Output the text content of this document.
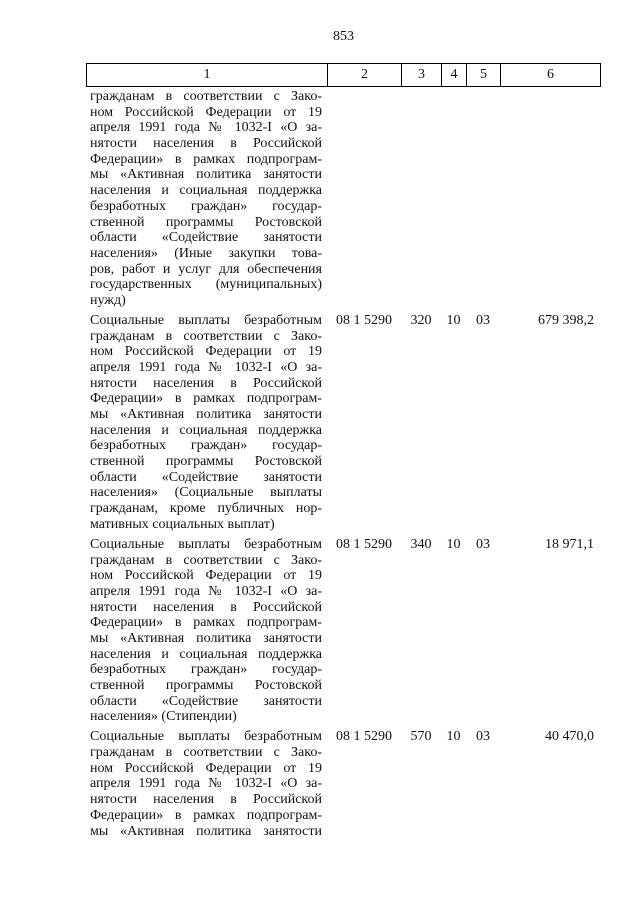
853
1	2	3	4	5	6
гражданам в соответствии с Зако-
ном Российской Федерации от 19
апреля 1991 года № 1032-I «О за-
нятости населения в Российской
Федерации» в рамках подпрограм-
мы «Активная политика занятости
населения и социальная поддержка
безработных граждан» государ-
ственной программы Ростовской
области «Содействие занятости
населения» (Иные закупки това-
ров, работ и услуг для обеспечения
государственных (муниципальных)
нужд)
Социальные выплаты безработным
гражданам в соответствии с Зако-
ном Российской Федерации от 19
апреля 1991 года № 1032-I «О за-
нятости населения в Российской
Федерации» в рамках подпрограм-
мы «Активная политика занятости
населения и социальная поддержка
безработных граждан» государ-
ственной программы Ростовской
области «Содействие занятости
населения» (Социальные выплаты
гражданам, кроме публичных нор-
мативных социальных выплат)
08 1 5290	320	10	03	679 398,2
Социальные выплаты безработным
гражданам в соответствии с Зако-
ном Российской Федерации от 19
апреля 1991 года № 1032-I «О за-
нятости населения в Российской
Федерации» в рамках подпрограм-
мы «Активная политика занятости
населения и социальная поддержка
безработных граждан» государ-
ственной программы Ростовской
области «Содействие занятости
населения» (Стипендии)
08 1 5290	340	10	03	18 971,1
Социальные выплаты безработным
гражданам в соответствии с Зако-
ном Российской Федерации от 19
апреля 1991 года № 1032-I «О за-
нятости населения в Российской
Федерации» в рамках подпрограм-
мы «Активная политика занятости
08 1 5290	570	10	03	40 470,0
